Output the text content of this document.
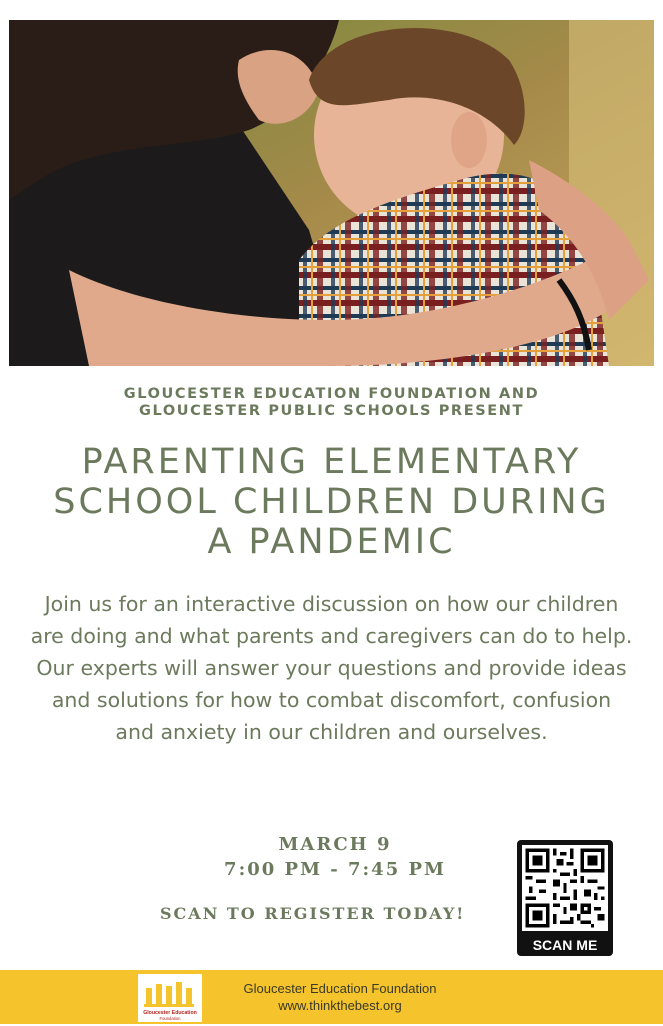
GLOUCESTER EDUCATION FOUNDATION AND
GLOUCESTER PUBLIC SCHOOLS PRESENT
PARENTING ELEMENTARY
SCHOOL CHILDREN DURING
A PANDEMIC

Join us for an interactive discussion on how our children are doing and what parents and caregivers can do to help.

Our experts will answer your questions and provide ideas and solutions for how to combat discomfort, confusion and anxiety in our children and ourselves.

MARCH 9
7:00 PM - 7:45 PM
SCAN TO REGISTER TODAY!
SCAN ME
Gloucester Education
Foundation
Gloucester Education Foundation
www.thinkthebest.org
